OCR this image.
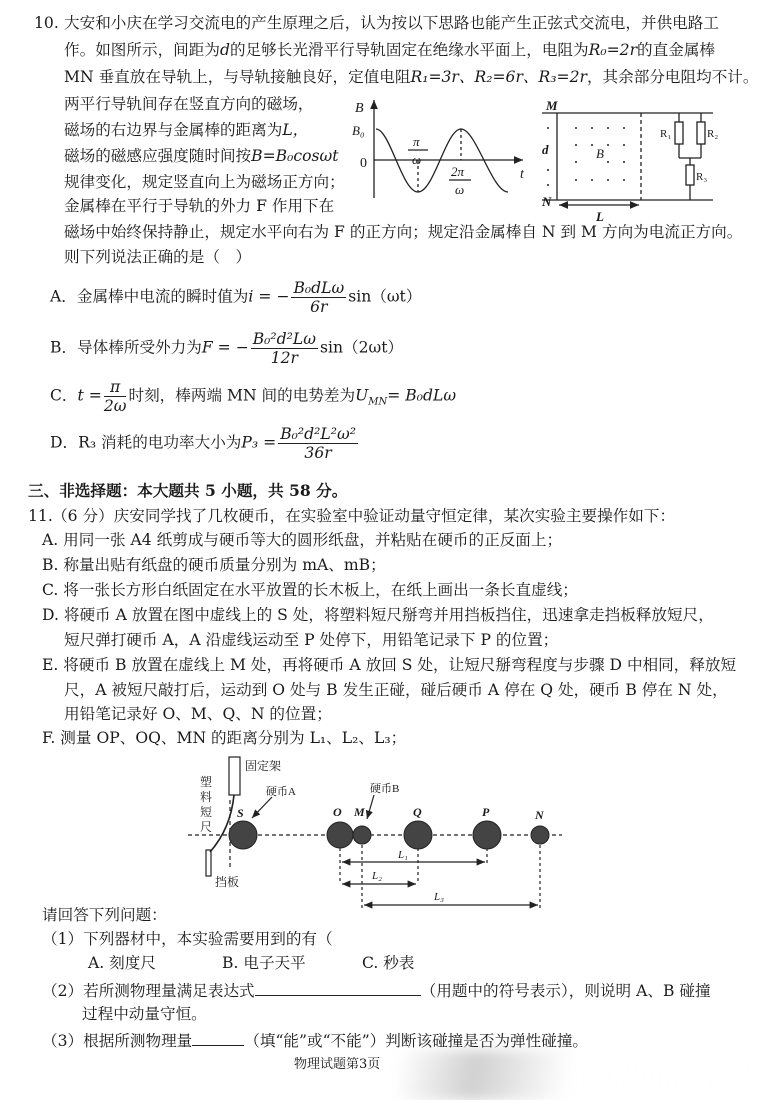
10. 大安和小庆在学习交流电的产生原理之后，认为按以下思路也能产生正弦式交流电，并供电路工
作。如图所示，间距为d的足够长光滑平行导轨固定在绝缘水平面上，电阻为R₀=2r的直金属棒
MN 垂直放在导轨上，与导轨接触良好，定值电阻R₁=3r、R₂=6r、R₃=2r，其余部分电阻均不计。
两平行导轨间存在竖直方向的磁场，
磁场的右边界与金属棒的距离为L，
磁场的磁感应强度随时间按B=B₀cosωt
规律变化，规定竖直向上为磁场正方向；
金属棒在平行于导轨的外力 F 作用下在
磁场中始终保持静止，规定水平向右为 F 的正方向；规定沿金属棒自 N 到 M 方向为电流正方向。
则下列说法正确的是（　）
B
B₀
0
π
ω
2π
ω
t
M
N
d	B
R₁	R₂
R₃
L
固定架
塑
料
短
尺
硬币A	硬币B
S	O M	Q	P	N
L₁
L₂
L₃
挡板
A．金属棒中电流的瞬时值为i = − $\frac{\text{B₀dLω}}{6r} \sin(\omega t)$
B．导体棒所受外力为F = − $\frac{\text{B₀²d²Lω}}{12r} \sin(2\omega t)$
C．$t = \frac{\pi}{2\omega}$ 时刻，棒两端 MN 间的电势差为$U_{MN}= B_0dL\omega$
D．R₃ 消耗的电功率大小为$P_3 = \frac{\text{B₀²d²L²ω²}}{36r}$
三、非选择题：本大题共 5 小题，共 58 分。
11. （6 分）庆安同学找了几枚硬币，在实验室中验证动量守恒定律，某次实验主要操作如下：
A. 用同一张 A4 纸剪成与硬币等大的圆形纸盘，并粘贴在硬币的正反面上；
B. 称量出贴有纸盘的硬币质量分别为 mA、mB；
C. 将一张长方形白纸固定在水平放置的长木板上，在纸上画出一条长直虚线；
D. 将硬币 A 放置在图中虚线上的 S 处，将塑料短尺掰弯并用挡板挡住，迅速拿走挡板释放短尺，
短尺弹打硬币 A，A 沿虚线运动至 P 处停下，用铅笔记录下 P 的位置；
E. 将硬币 B 放置在虚线上 M 处，再将硬币 A 放回 S 处，让短尺掰弯程度与步骤 D 中相同，释放短
尺，A 被短尺敲打后，运动到 O 处与 B 发生正碰，碰后硬币 A 停在 Q 处，硬币 B 停在 N 处，
用铅笔记录好 O、M、Q、N 的位置；
F. 测量 OP、OQ、MN 的距离分别为 L₁、L₂、L₃；
请回答下列问题：
（1）下列器材中，本实验需要用到的有（
A. 刻度尺	B. 电子天平	C. 秒表
（2）若所测物理量满足表达式	（用题中的符号表示），则说明 A、B 碰撞
过程中动量守恒。
（3）根据所测物理量	（填“能”或“不能”）判断该碰撞是否为弹性碰撞。
物理试题第3页
